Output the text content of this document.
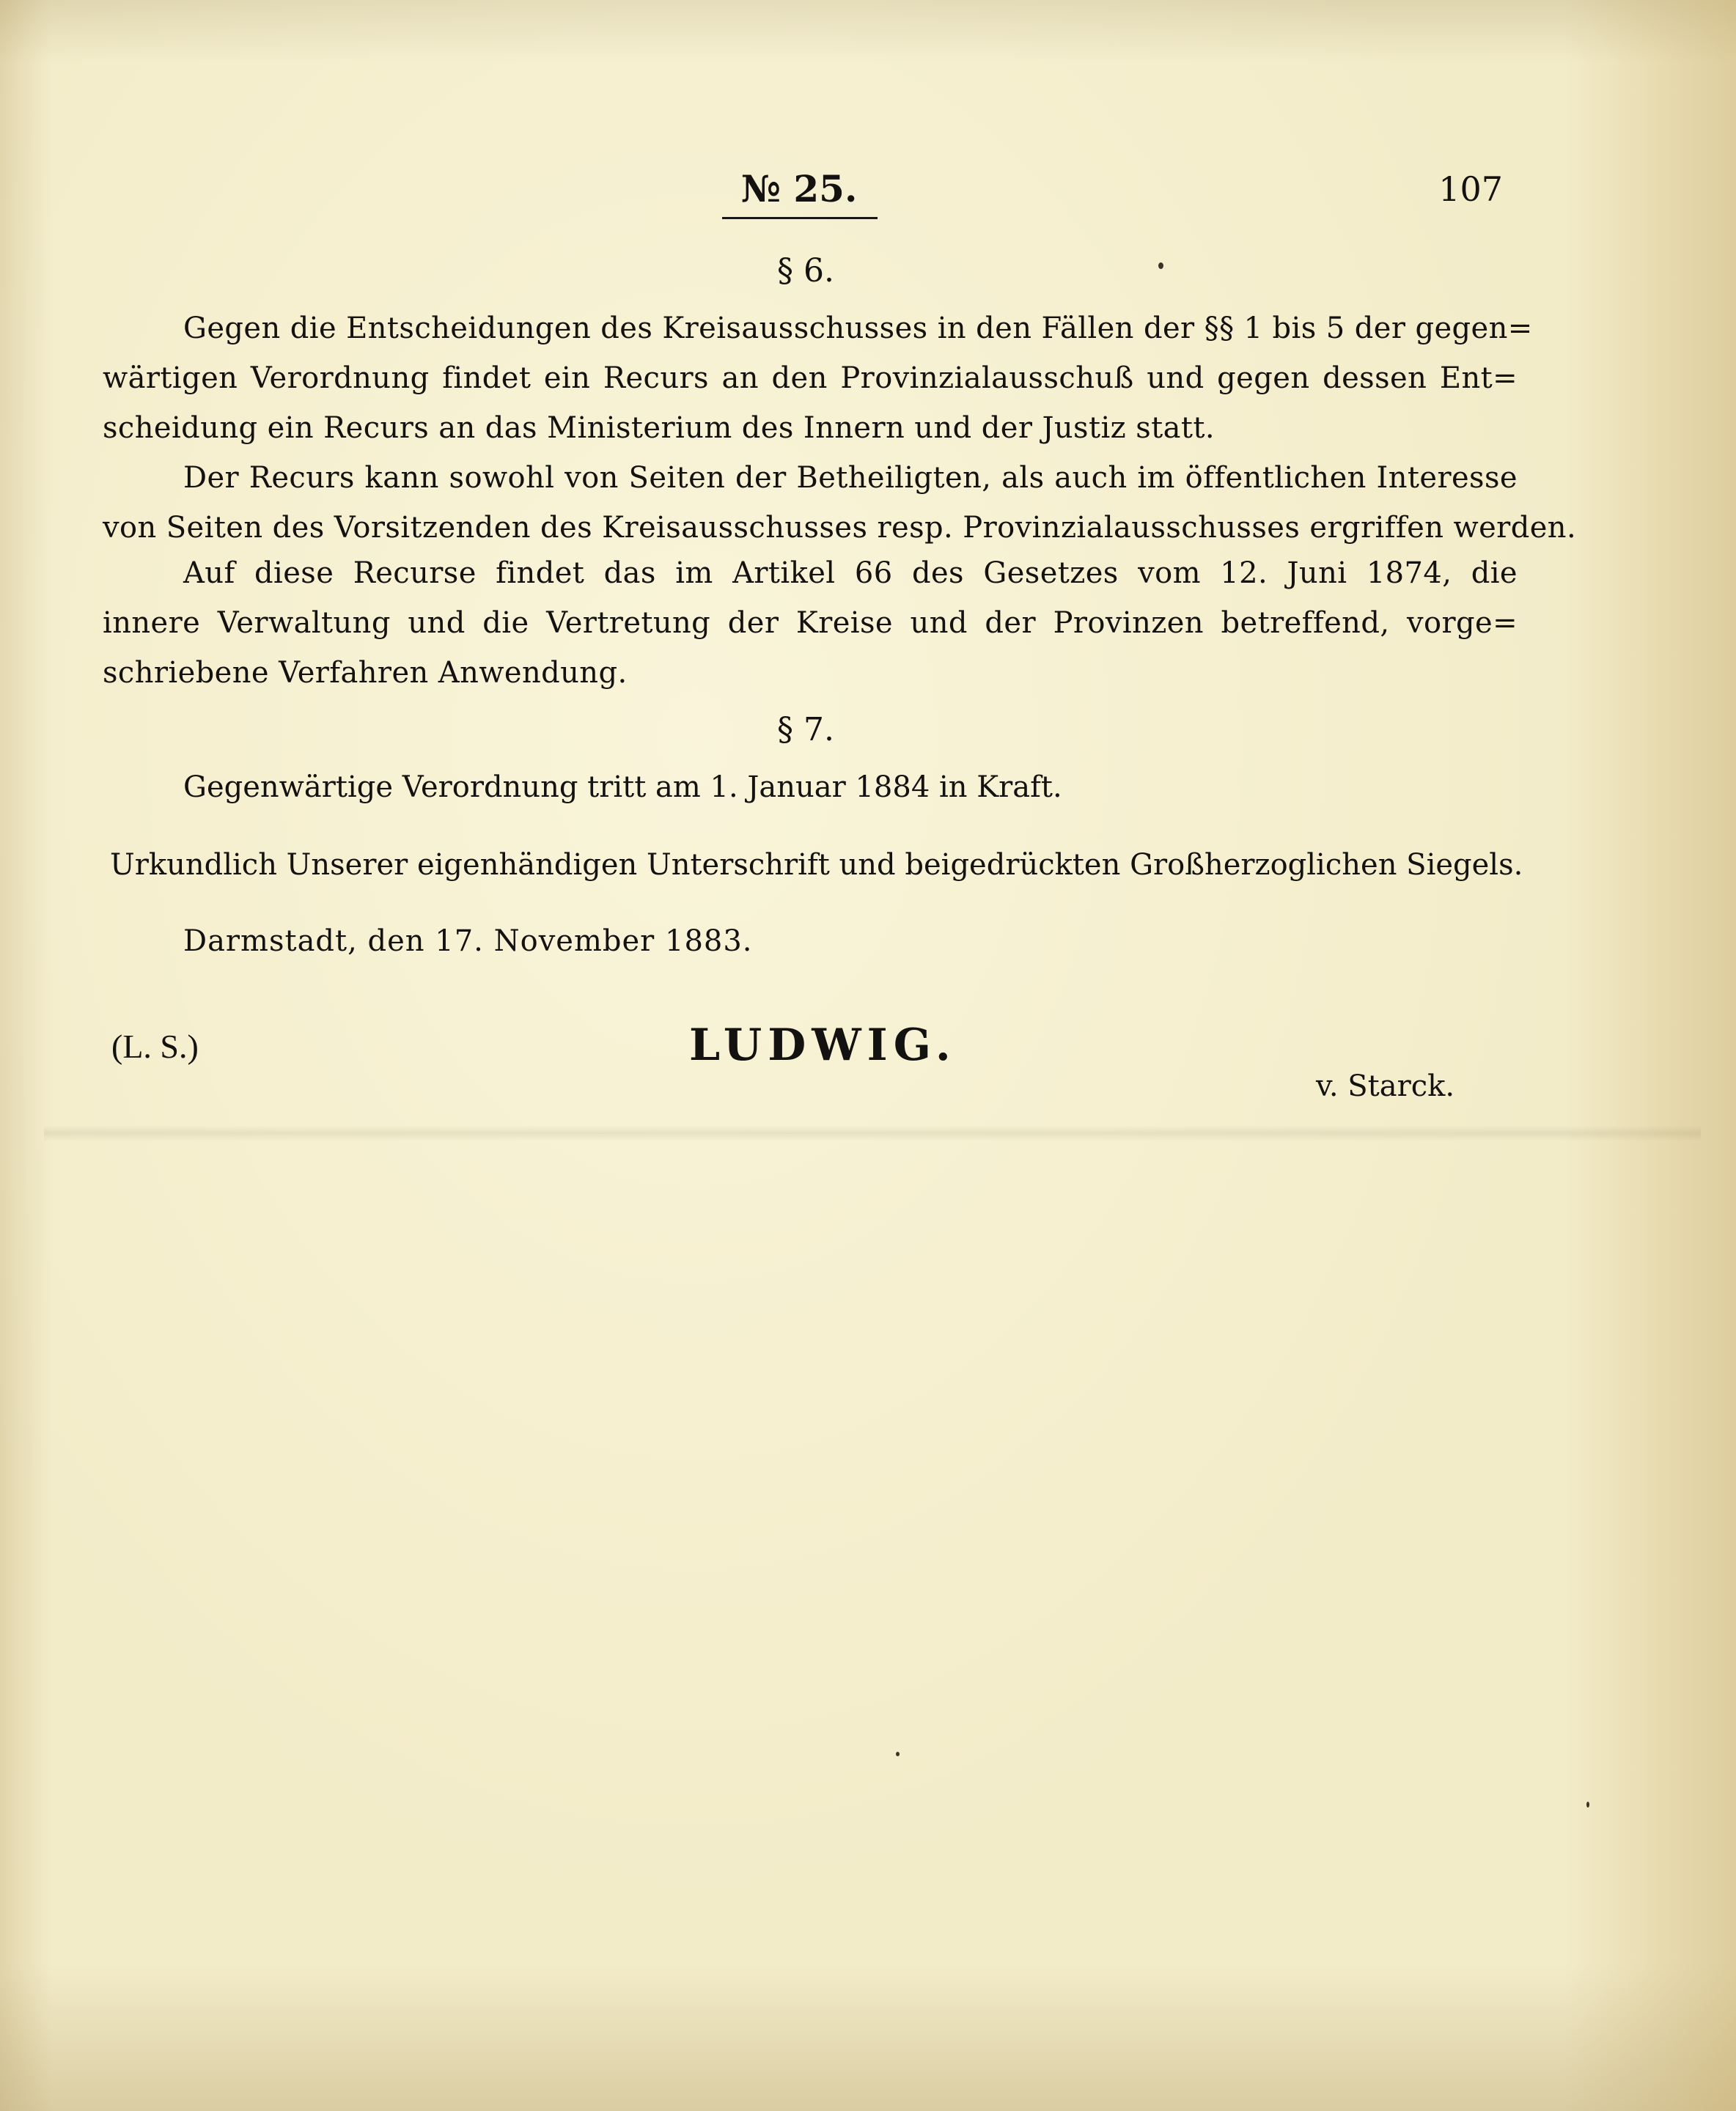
№ 25.	107
§ 6.
Gegen die Entscheidungen des Kreisausschusses in den Fällen der §§ 1 bis 5 der gegen=
wärtigen Verordnung findet ein Recurs an den Provinzialausschuß und gegen dessen Ent=
scheidung ein Recurs an das Ministerium des Innern und der Justiz statt.
Der Recurs kann sowohl von Seiten der Betheiligten, als auch im öffentlichen Interesse
von Seiten des Vorsitzenden des Kreisausschusses resp. Provinzialausschusses ergriffen werden.
Auf diese Recurse findet das im Artikel 66 des Gesetzes vom 12. Juni 1874, die
innere Verwaltung und die Vertretung der Kreise und der Provinzen betreffend, vorge=
schriebene Verfahren Anwendung.
§ 7.
Gegenwärtige Verordnung tritt am 1. Januar 1884 in Kraft.
Urkundlich Unserer eigenhändigen Unterschrift und beigedrückten Großherzoglichen Siegels.
Darmstadt, den 17. November 1883.
(L. S.)	LUDWIG.
v. Starck.
